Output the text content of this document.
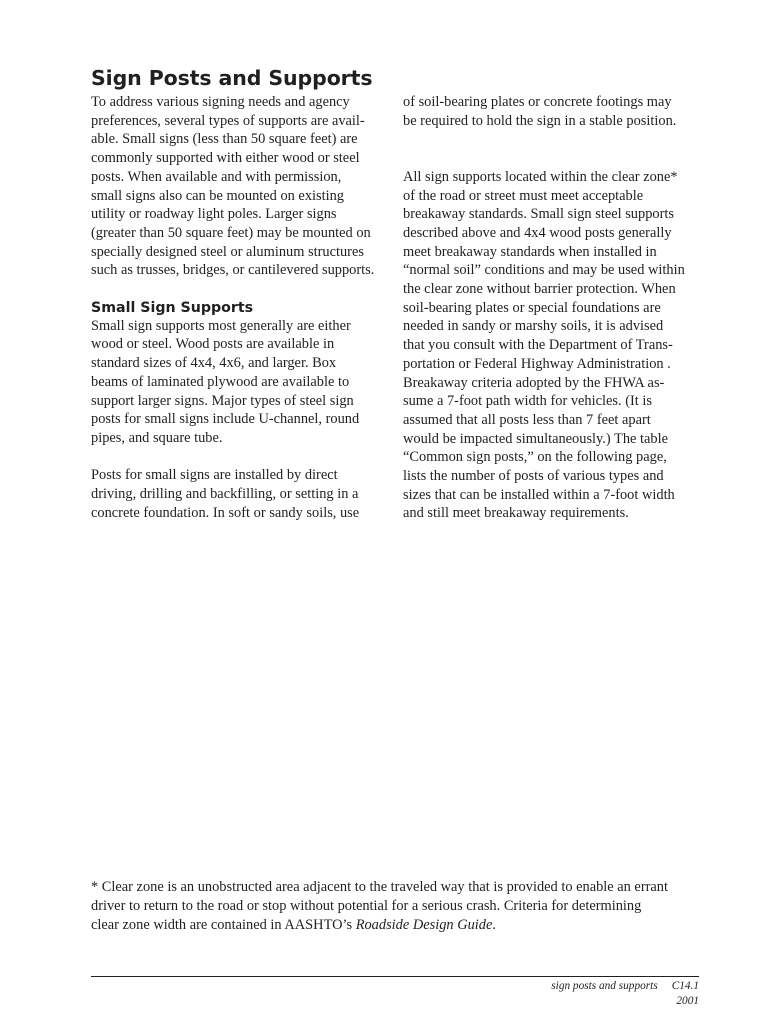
Sign Posts and Supports

To address various signing needs and agency
preferences, several types of supports are avail-
able. Small signs (less than 50 square feet) are
commonly supported with either wood or steel
posts. When available and with permission,
small signs also can be mounted on existing
utility or roadway light poles. Larger signs
(greater than 50 square feet) may be mounted on
specially designed steel or aluminum structures
such as trusses, bridges, or cantilevered supports.

Small Sign Supports

Small sign supports most generally are either
wood or steel. Wood posts are available in
standard sizes of 4x4, 4x6, and larger. Box
beams of laminated plywood are available to
support larger signs. Major types of steel sign
posts for small signs include U-channel, round
pipes, and square tube.

Posts for small signs are installed by direct
driving, drilling and backfilling, or setting in a
concrete foundation. In soft or sandy soils, use

of soil-bearing plates or concrete footings may
be required to hold the sign in a stable position.

All sign supports located within the clear zone*
of the road or street must meet acceptable
breakaway standards. Small sign steel supports
described above and 4x4 wood posts generally
meet breakaway standards when installed in
“normal soil” conditions and may be used within
the clear zone without barrier protection. When
soil-bearing plates or special foundations are
needed in sandy or marshy soils, it is advised
that you consult with the Department of Trans-
portation or Federal Highway Administration .
Breakaway criteria adopted by the FHWA as-
sume a 7-foot path width for vehicles. (It is
assumed that all posts less than 7 feet apart
would be impacted simultaneously.) The table
“Common sign posts,” on the following page,
lists the number of posts of various types and
sizes that can be installed within a 7-foot width
and still meet breakaway requirements.

* Clear zone is an unobstructed area adjacent to the traveled way that is provided to enable an errant
driver to return to the road or stop without potential for a serious crash. Criteria for determining
clear zone width are contained in AASHTO’s Roadside Design Guide.

sign posts and supports C14.1
2001
